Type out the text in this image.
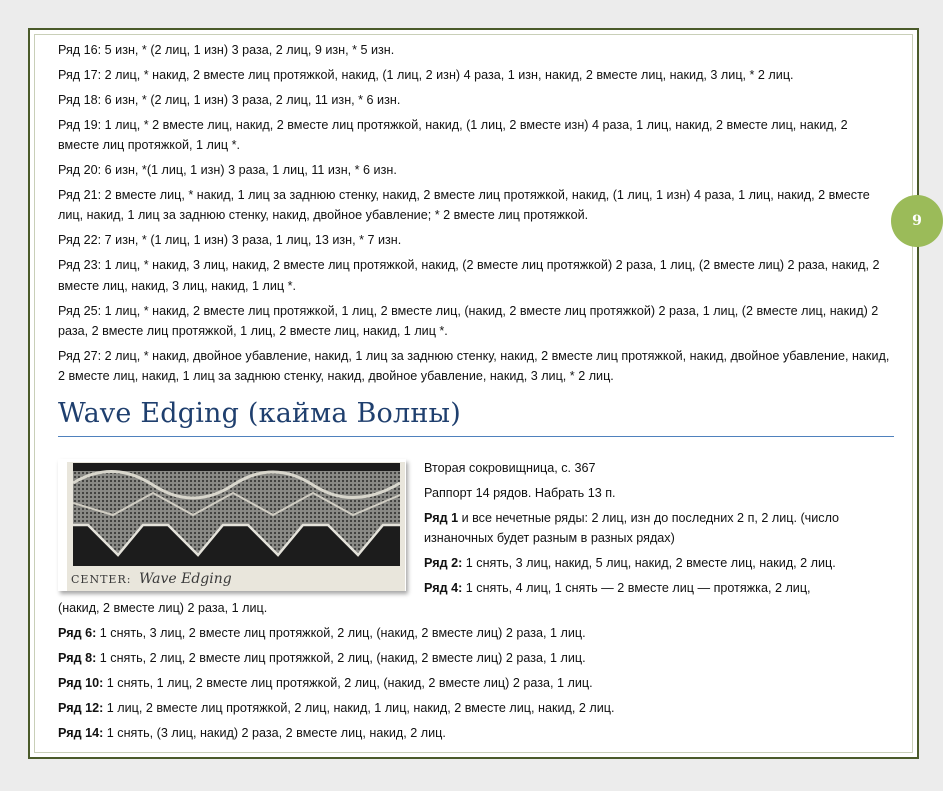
9

Ряд 16: 5 изн, * (2 лиц, 1 изн) 3 раза, 2 лиц, 9 изн, * 5 изн.

Ряд 17: 2 лиц, * накид, 2 вместе лиц протяжкой, накид, (1 лиц, 2 изн) 4 раза, 1 изн, накид, 2 вместе лиц, накид, 3 лиц, * 2 лиц.

Ряд 18: 6 изн, * (2 лиц, 1 изн) 3 раза, 2 лиц, 11 изн, * 6 изн.

Ряд 19: 1 лиц, * 2 вместе лиц, накид, 2 вместе лиц протяжкой, накид, (1 лиц, 2 вместе изн) 4 раза, 1 лиц, накид, 2 вместе лиц, накид, 2 вместе лиц протяжкой, 1 лиц *.

Ряд 20: 6 изн, *(1 лиц, 1 изн) 3 раза, 1 лиц, 11 изн, * 6 изн.

Ряд 21: 2 вместе лиц, * накид, 1 лиц за заднюю стенку, накид, 2 вместе лиц протяжкой, накид, (1 лиц, 1 изн) 4 раза, 1 лиц, накид, 2 вместе лиц, накид, 1 лиц за заднюю стенку, накид, двойное убавление; * 2 вместе лиц протяжкой.

Ряд 22: 7 изн, * (1 лиц, 1 изн) 3 раза, 1 лиц, 13 изн, * 7 изн.

Ряд 23: 1 лиц, * накид, 3 лиц, накид, 2 вместе лиц протяжкой, накид, (2 вместе лиц протяжкой) 2 раза, 1 лиц, (2 вместе лиц) 2 раза, накид, 2 вместе лиц, накид, 3 лиц, накид, 1 лиц *.

Ряд 25: 1 лиц, * накид, 2 вместе лиц протяжкой, 1 лиц, 2 вместе лиц, (накид, 2 вместе лиц протяжкой) 2 раза, 1 лиц, (2 вместе лиц, накид) 2 раза, 2 вместе лиц протяжкой, 1 лиц, 2 вместе лиц, накид, 1 лиц *.

Ряд 27: 2 лиц, * накид, двойное убавление, накид, 1 лиц за заднюю стенку, накид, 2 вместе лиц протяжкой, накид, двойное убавление, накид, 2 вместе лиц, накид, 1 лиц за заднюю стенку, накид, двойное убавление, накид, 3 лиц, * 2 лиц.

Wave Edging (кайма Волны)
CENTER: Wave Edging

Вторая сокровищница, с. 367

Раппорт 14 рядов. Набрать 13 п.

Ряд 1 и все нечетные ряды: 2 лиц, изн до последних 2 п, 2 лиц. (число изнаночных будет разным в разных рядах)

Ряд 2: 1 снять, 3 лиц, накид, 5 лиц, накид, 2 вместе лиц, накид, 2 лиц.

Ряд 4: 1 снять, 4 лиц, 1 снять — 2 вместе лиц — протяжка, 2 лиц,

(накид, 2 вместе лиц) 2 раза, 1 лиц.

Ряд 6: 1 снять, 3 лиц, 2 вместе лиц протяжкой, 2 лиц, (накид, 2 вместе лиц) 2 раза, 1 лиц.

Ряд 8: 1 снять, 2 лиц, 2 вместе лиц протяжкой, 2 лиц, (накид, 2 вместе лиц) 2 раза, 1 лиц.

Ряд 10: 1 снять, 1 лиц, 2 вместе лиц протяжкой, 2 лиц, (накид, 2 вместе лиц) 2 раза, 1 лиц.

Ряд 12: 1 лиц, 2 вместе лиц протяжкой, 2 лиц, накид, 1 лиц, накид, 2 вместе лиц, накид, 2 лиц.

Ряд 14: 1 снять, (3 лиц, накид) 2 раза, 2 вместе лиц, накид, 2 лиц.
